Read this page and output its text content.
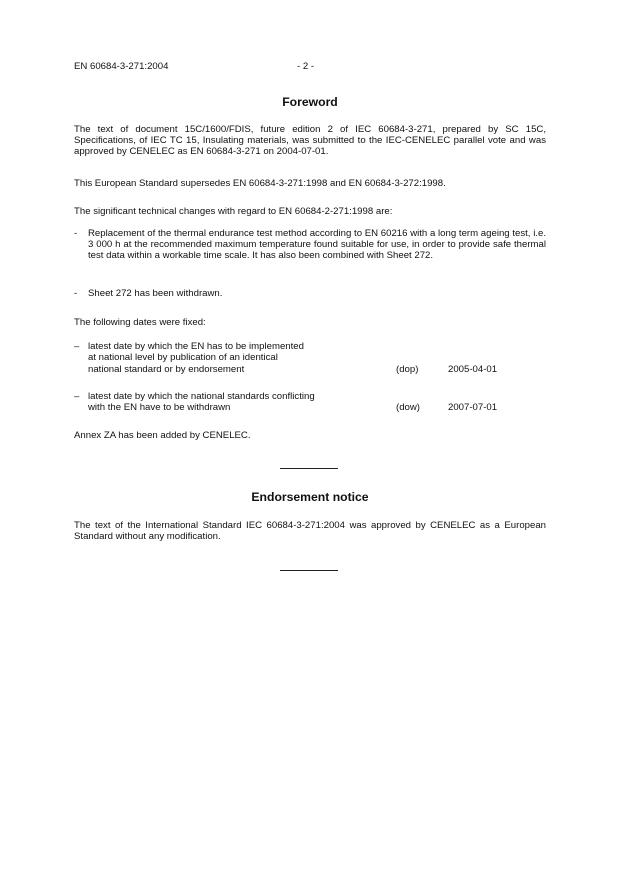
EN 60684-3-271:2004	- 2 -
Foreword
The text of document 15C/1600/FDIS, future edition 2 of IEC 60684-3-271, prepared by SC 15C, Specifications, of IEC TC 15, Insulating materials, was submitted to the IEC-CENELEC parallel vote and was approved by CENELEC as EN 60684-3-271 on 2004-07-01.
This European Standard supersedes EN 60684-3-271:1998 and EN 60684-3-272:1998.
The significant technical changes with regard to EN 60684-2-271:1998 are:
- Replacement of the thermal endurance test method according to EN 60216 with a long term ageing test, i.e. 3 000 h at the recommended maximum temperature found suitable for use, in order to provide safe thermal test data within a workable time scale. It has also been combined with Sheet 272.
- Sheet 272 has been withdrawn.
The following dates were fixed:
– latest date by which the EN has to be implemented
at national level by publication of an identical
national standard or by endorsement	(dop)	2005-04-01
– latest date by which the national standards conflicting
with the EN have to be withdrawn	(dow)	2007-07-01
Annex ZA has been added by CENELEC.
Endorsement notice
The text of the International Standard IEC 60684-3-271:2004 was approved by CENELEC as a European Standard without any modification.
